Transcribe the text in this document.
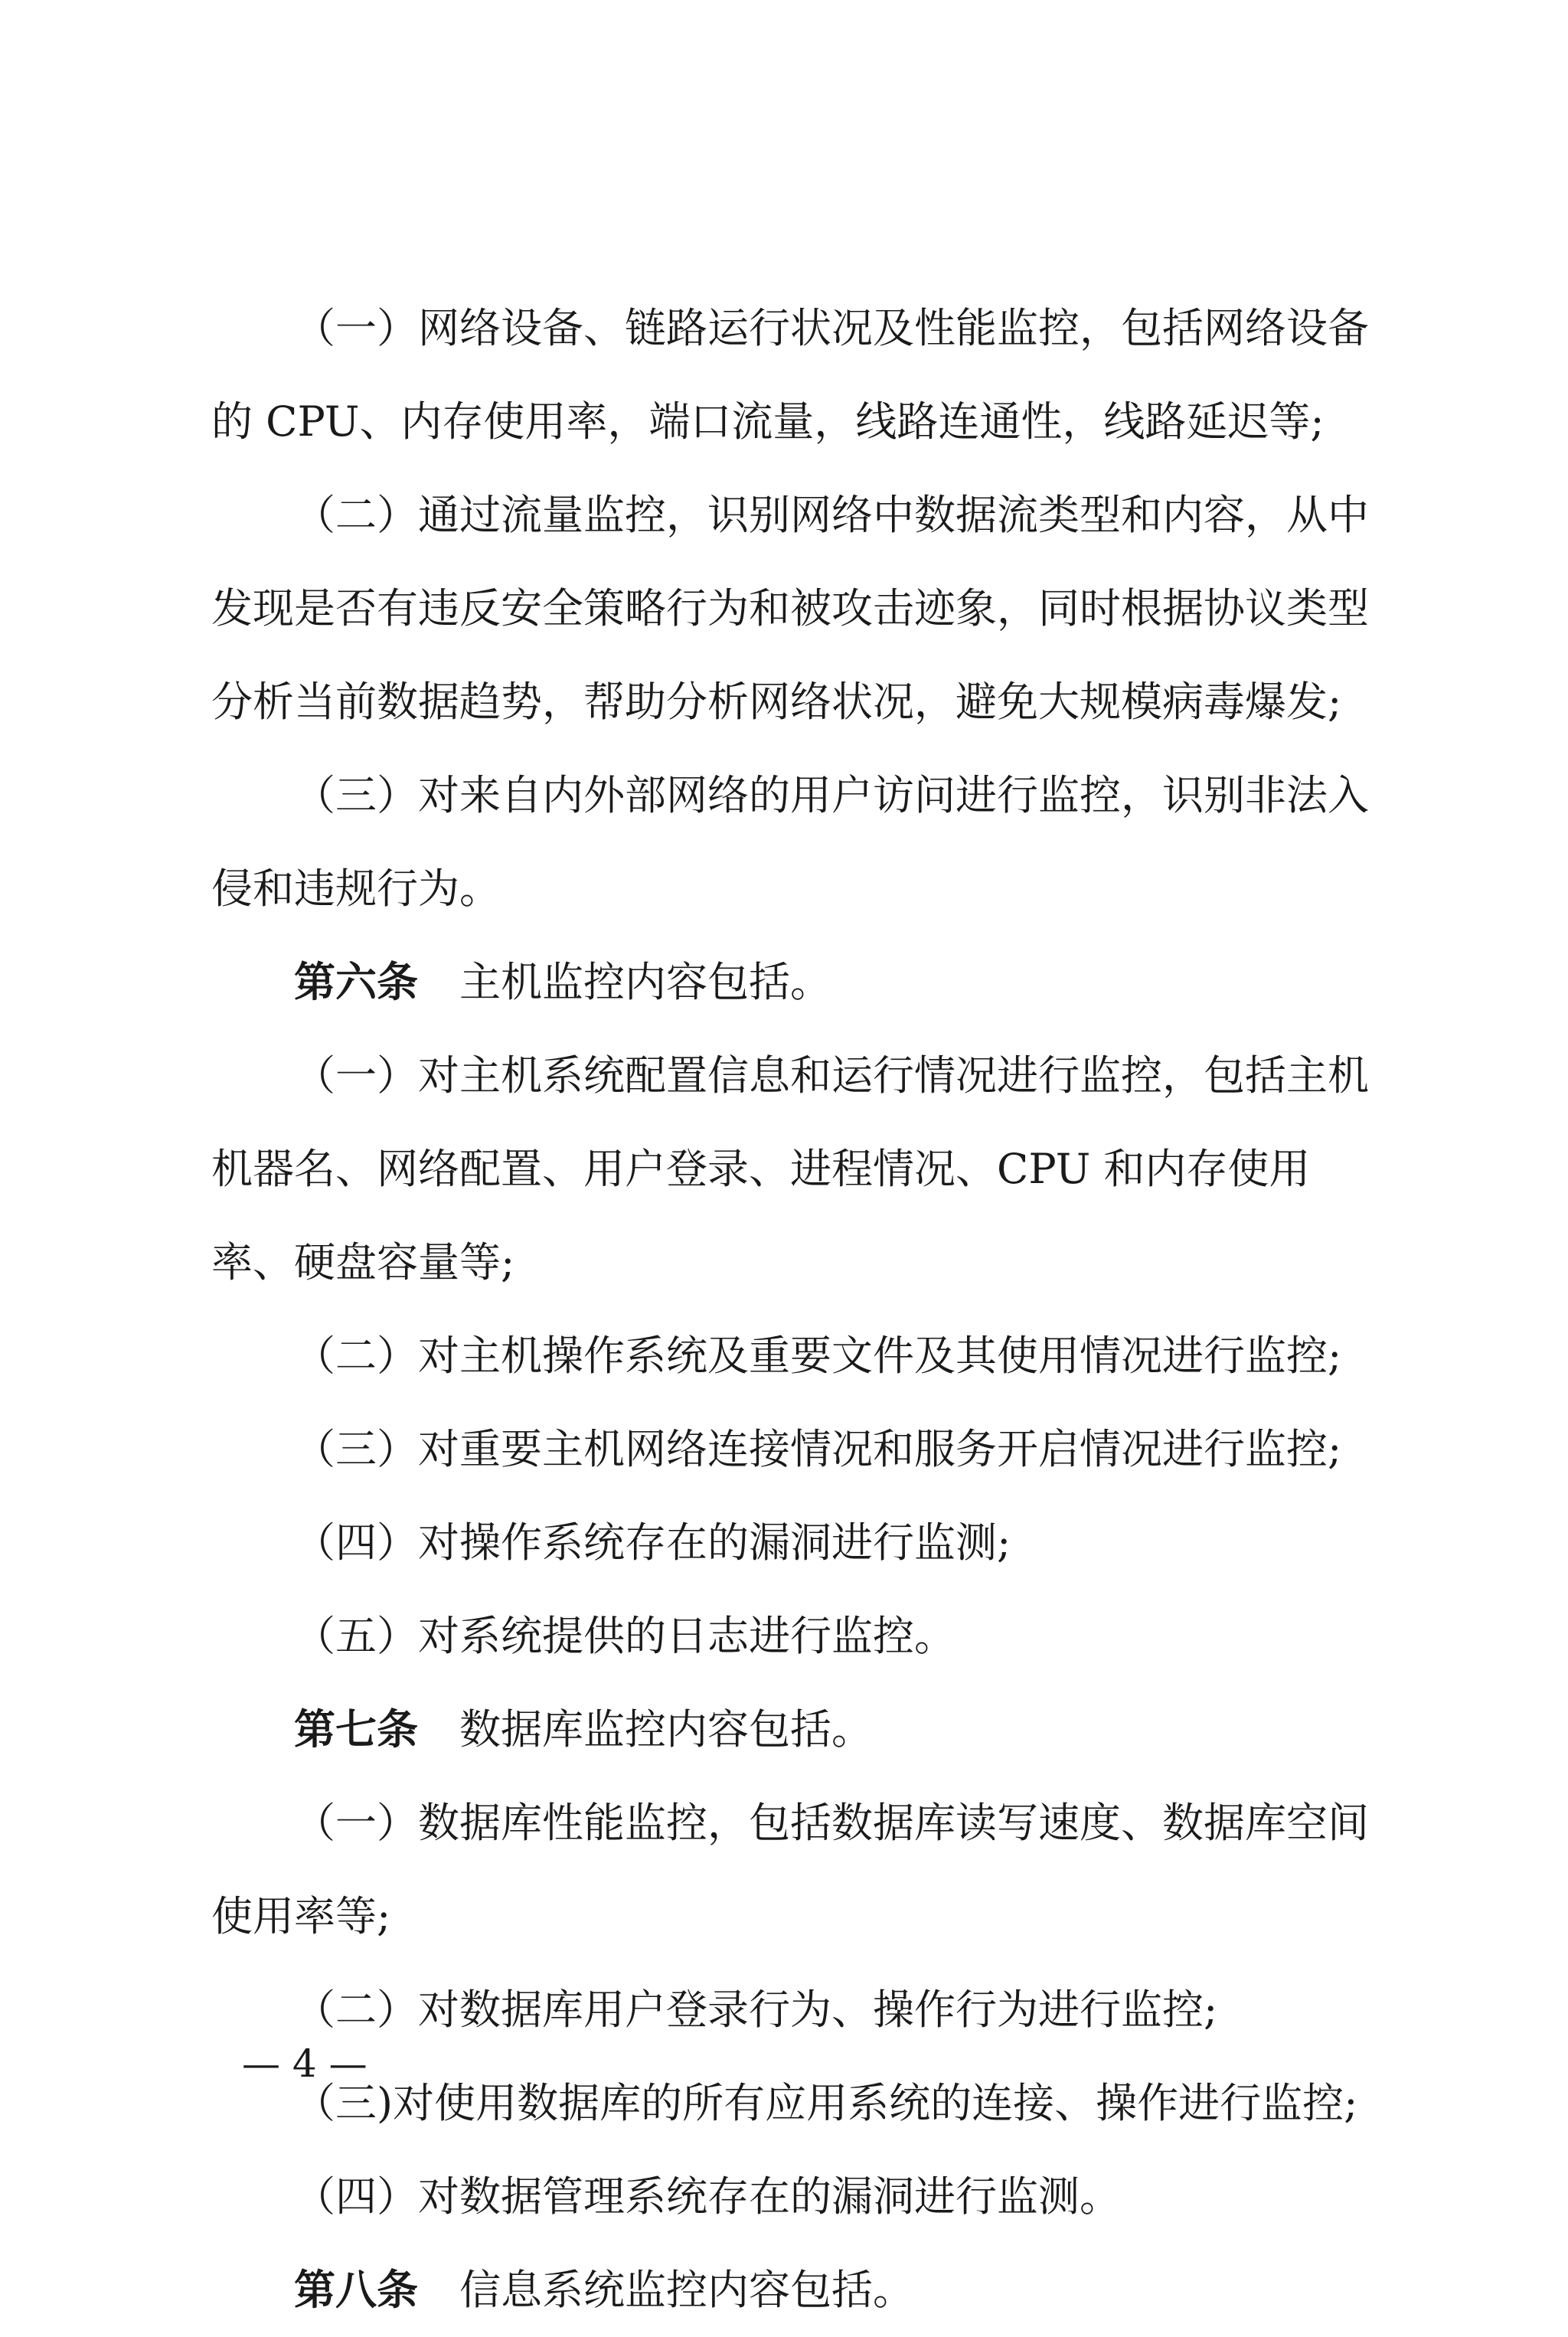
（一）网络设备、链路运行状况及性能监控，包括网络设备的 CPU、内存使用率，端口流量，线路连通性，线路延迟等;

（二）通过流量监控，识别网络中数据流类型和内容，从中发现是否有违反安全策略行为和被攻击迹象，同时根据协议类型分析当前数据趋势，帮助分析网络状况，避免大规模病毒爆发;

（三）对来自内外部网络的用户访问进行监控，识别非法入侵和违规行为。

第六条 主机监控内容包括。

（一）对主机系统配置信息和运行情况进行监控，包括主机机器名、网络配置、用户登录、进程情况、CPU 和内存使用率、硬盘容量等;

（二）对主机操作系统及重要文件及其使用情况进行监控;

（三）对重要主机网络连接情况和服务开启情况进行监控;

（四）对操作系统存在的漏洞进行监测;

（五）对系统提供的日志进行监控。

第七条 数据库监控内容包括。

（一）数据库性能监控，包括数据库读写速度、数据库空间使用率等;

（二）对数据库用户登录行为、操作行为进行监控;

（三)对使用数据库的所有应用系统的连接、操作进行监控;

（四）对数据管理系统存在的漏洞进行监测。

第八条 信息系统监控内容包括。

— 4 —
